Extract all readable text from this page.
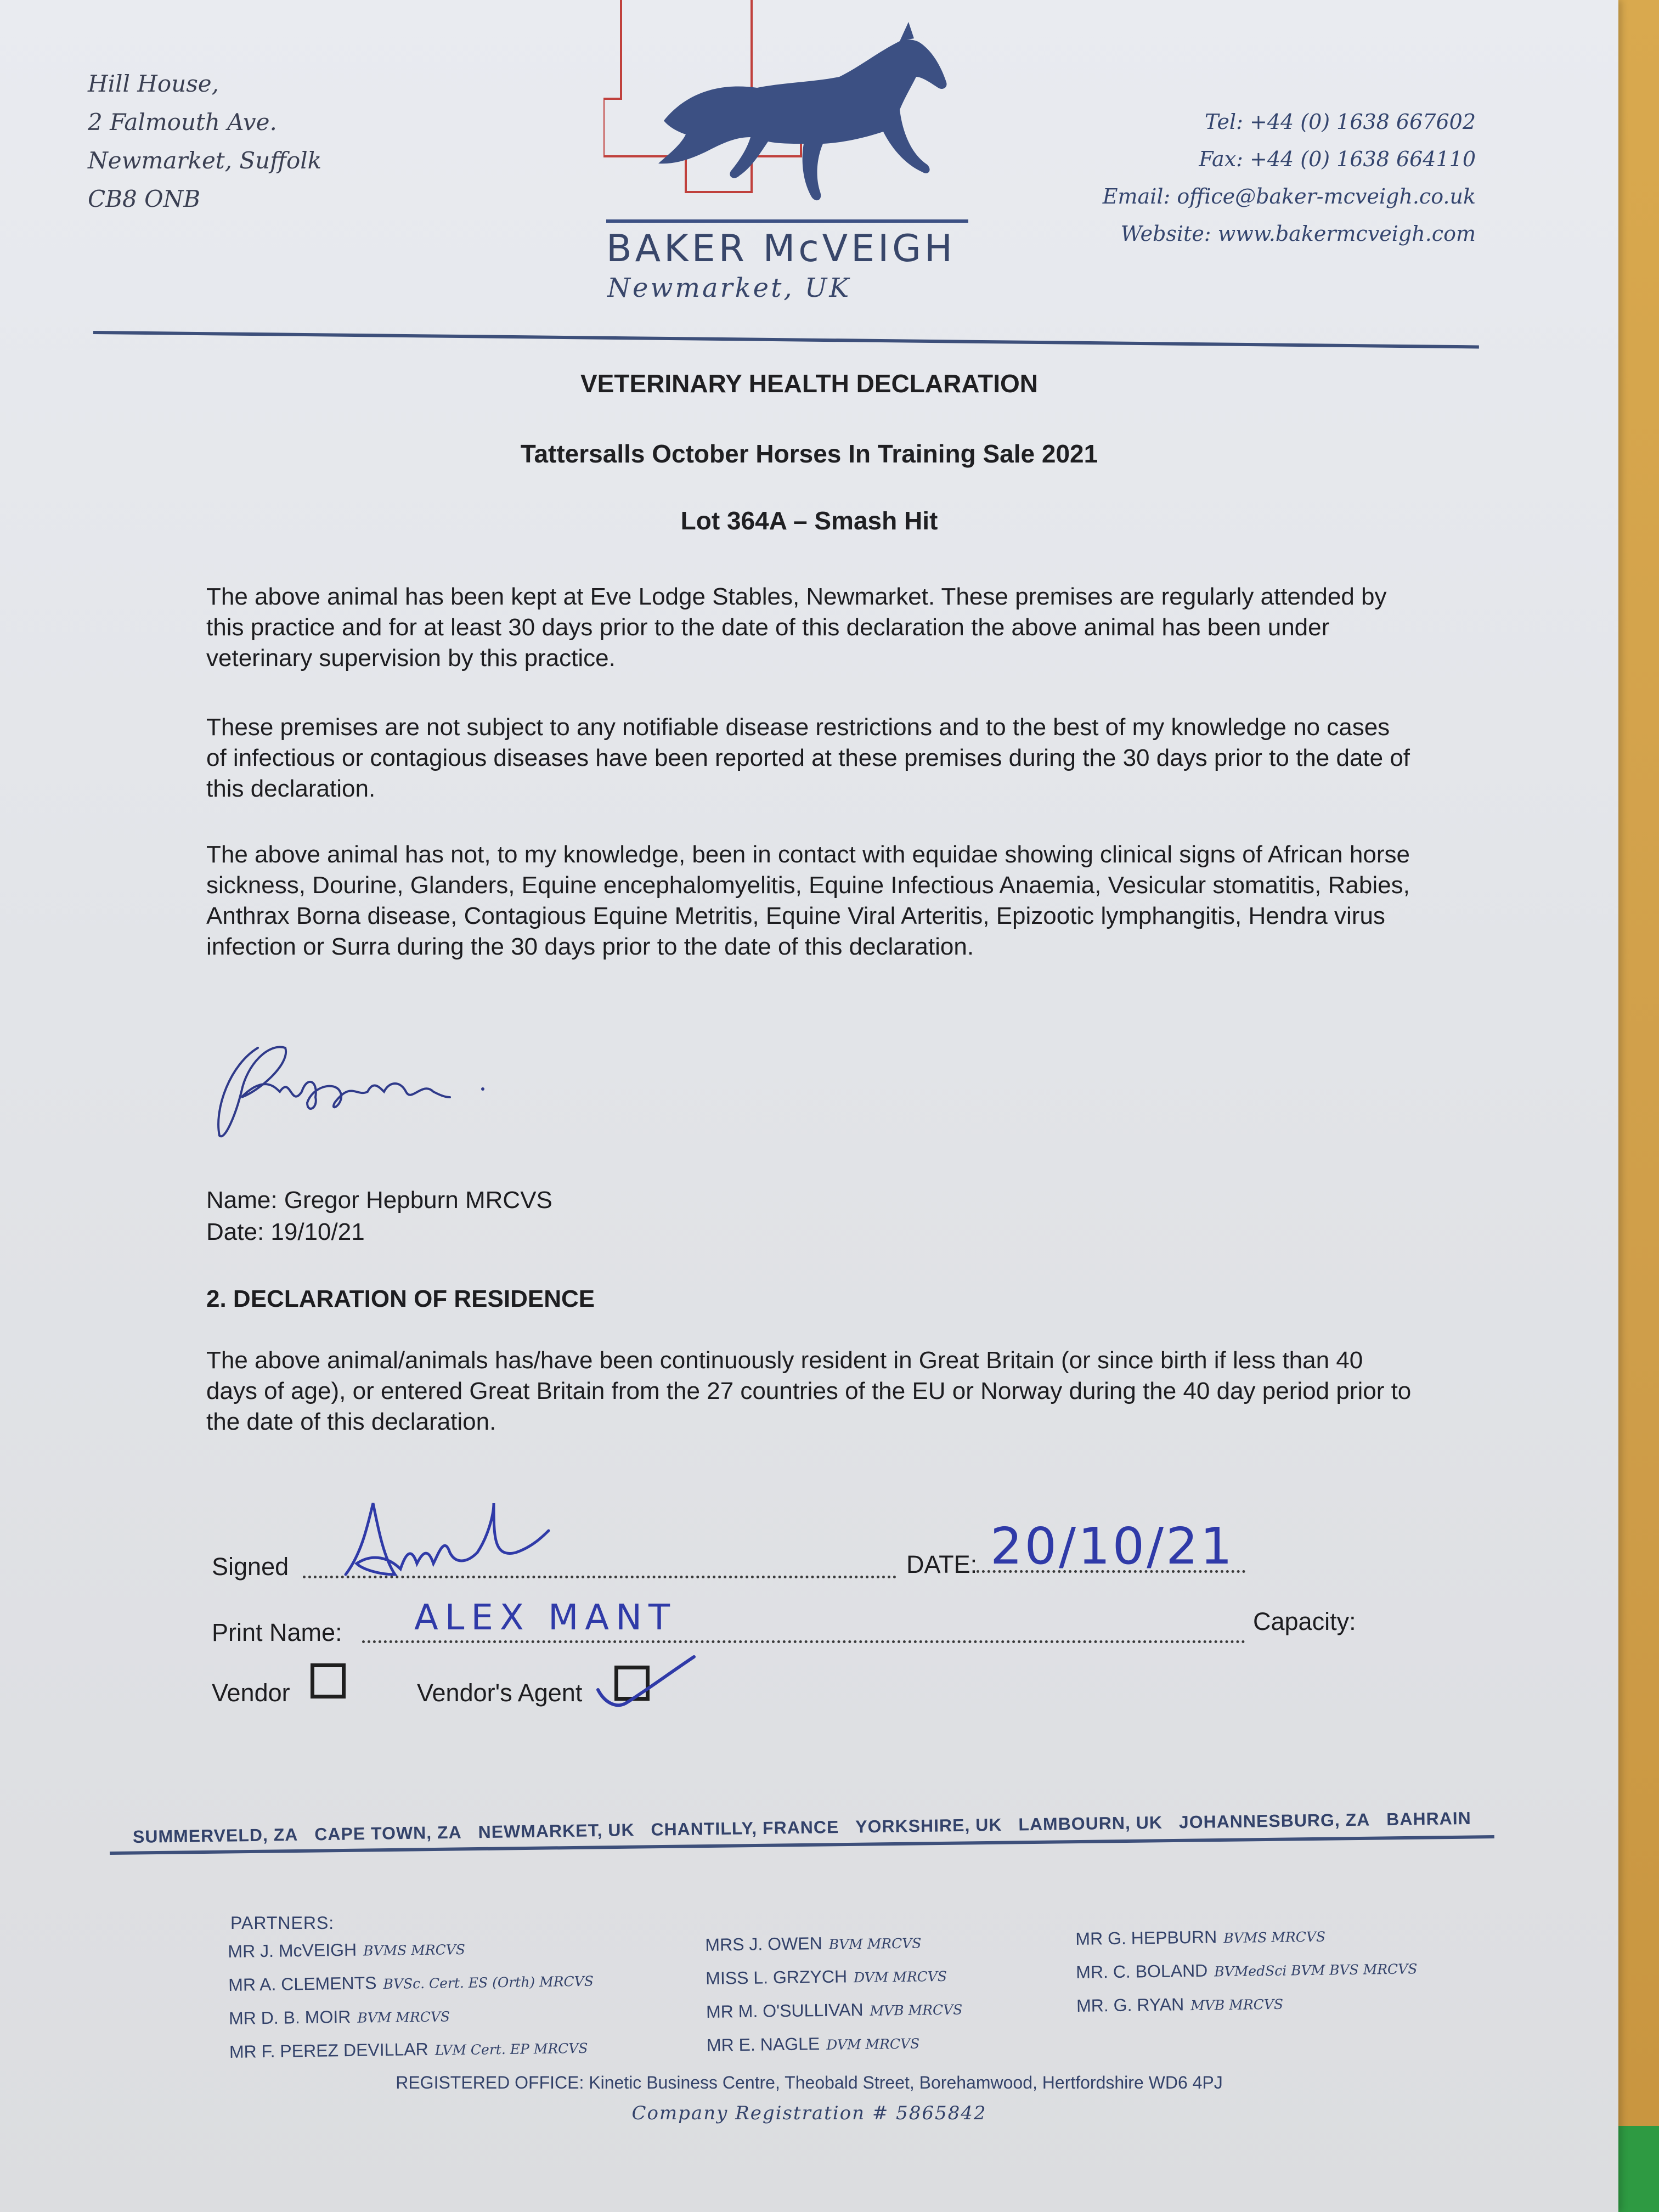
Hill House,
2 Falmouth Ave.
Newmarket, Suffolk
CB8 ONB
BAKER McVEIGH
Newmarket, UK
Tel: +44 (0) 1638 667602
Fax: +44 (0) 1638 664110
Email: office@baker-mcveigh.co.uk
Website: www.bakermcveigh.com
VETERINARY HEALTH DECLARATION
Tattersalls October Horses In Training Sale 2021
Lot 364A – Smash Hit
The above animal has been kept at Eve Lodge Stables, Newmarket. These premises are regularly attended by this practice and for at least 30 days prior to the date of this declaration the above animal has been under veterinary supervision by this practice.
These premises are not subject to any notifiable disease restrictions and to the best of my knowledge no cases of infectious or contagious diseases have been reported at these premises during the 30 days prior to the date of this declaration.
The above animal has not, to my knowledge, been in contact with equidae showing clinical signs of African horse sickness, Dourine, Glanders, Equine encephalomyelitis, Equine Infectious Anaemia, Vesicular stomatitis, Rabies, Anthrax Borna disease, Contagious Equine Metritis, Equine Viral Arteritis, Epizootic lymphangitis, Hendra virus infection or Surra during the 30 days prior to the date of this declaration.
Name: Gregor Hepburn MRCVS
Date: 19/10/21
2. DECLARATION OF RESIDENCE
The above animal/animals has/have been continuously resident in Great Britain (or since birth if less than 40 days of age), or entered Great Britain from the 27 countries of the EU or Norway during the 40 day period prior to the date of this declaration.
Signed	DATE: 20/10/21
Print Name: ALEX MANT	Capacity:
Vendor	Vendor's Agent
SUMMERVELD, ZA CAPE TOWN, ZA NEWMARKET, UK CHANTILLY, FRANCE YORKSHIRE, UK LAMBOURN, UK JOHANNESBURG, ZA BAHRAIN
PARTNERS:
MR J. McVEIGH BVMS MRCVS
MR A. CLEMENTS BVSc. Cert. ES (Orth) MRCVS
MR D. B. MOIR BVM MRCVS
MR F. PEREZ DEVILLAR LVM Cert. EP MRCVS
MRS J. OWEN BVM MRCVS
MISS L. GRZYCH DVM MRCVS
MR M. O'SULLIVAN MVB MRCVS
MR E. NAGLE DVM MRCVS
MR G. HEPBURN BVMS MRCVS
MR. C. BOLAND BVMedSci BVM BVS MRCVS
MR. G. RYAN MVB MRCVS
REGISTERED OFFICE: Kinetic Business Centre, Theobald Street, Borehamwood, Hertfordshire WD6 4PJ
Company Registration # 5865842
